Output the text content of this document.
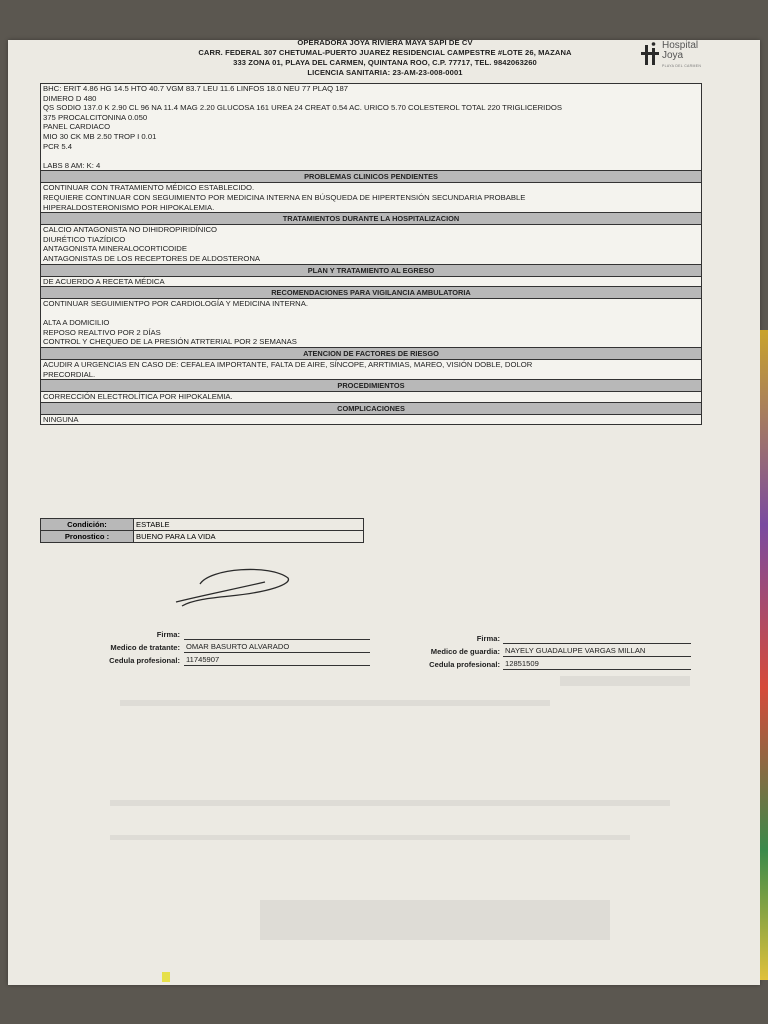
OPERADORA JOYA RIVIERA MAYA SAPI DE CV
CARR. FEDERAL 307 CHETUMAL-PUERTO JUAREZ RESIDENCIAL CAMPESTRE #LOTE 26, MAZANA
333 ZONA 01, PLAYA DEL CARMEN, QUINTANA ROO, C.P. 77717, TEL. 9842063260
LICENCIA SANITARIA: 23-AM-23-008-0001
Hospital
Joya
PLAYA DEL CARMEN
BHC: ERIT 4.86 HG 14.5 HTO 40.7 VGM 83.7 LEU 11.6 LINFOS 18.0 NEU 77 PLAQ 187
DIMERO D 480
QS SODIO 137.0 K 2.90 CL 96 NA 11.4 MAG 2.20 GLUCOSA 161 UREA 24 CREAT 0.54 AC. URICO 5.70 COLESTEROL TOTAL 220 TRIGLICERIDOS
375 PROCALCITONINA 0.050
PANEL CARDIACO
MIO 30 CK MB 2.50 TROP I 0.01
PCR 5.4
LABS 8 AM: K: 4
PROBLEMAS CLINICOS PENDIENTES
CONTINUAR CON TRATAMIENTO MÉDICO ESTABLECIDO.
REQUIERE CONTINUAR CON SEGUIMIENTO POR MEDICINA INTERNA EN BÚSQUEDA DE HIPERTENSIÓN SECUNDARIA PROBABLE
HIPERALDOSTERONISMO POR HIPOKALEMIA.
TRATAMIENTOS DURANTE LA HOSPITALIZACION
CALCIO ANTAGONISTA NO DIHIDROPIRIDÍNICO
DIURÉTICO TIAZÍDICO
ANTAGONISTA MINERALOCORTICOIDE
ANTAGONISTAS DE LOS RECEPTORES DE ALDOSTERONA
PLAN Y TRATAMIENTO AL EGRESO
DE ACUERDO A RECETA MÉDICA
RECOMENDACIONES PARA VIGILANCIA AMBULATORIA
CONTINUAR SEGUIMIENTPO POR CARDIOLOGÍA Y MEDICINA INTERNA.
ALTA A DOMICILIO
REPOSO REALTIVO POR 2 DÍAS
CONTROL Y CHEQUEO DE LA PRESIÓN ATRTERIAL POR 2 SEMANAS
ATENCION DE FACTORES DE RIESGO
ACUDIR A URGENCIAS EN CASO DE: CEFALEA IMPORTANTE, FALTA DE AIRE, SÍNCOPE, ARRTIMIAS, MAREO, VISIÓN DOBLE, DOLOR
PRECORDIAL.
PROCEDIMIENTOS
CORRECCIÓN ELECTROLÍTICA POR HIPOKALEMIA.
COMPLICACIONES
NINGUNA
Condición:	ESTABLE
Pronostico :	BUENO PARA LA VIDA
Firma:
Medico de tratante: OMAR BASURTO ALVARADO
Cedula profesional: 11745907
Firma:
Medico de guardia: NAYELY GUADALUPE VARGAS MILLAN
Cedula profesional: 12851509
